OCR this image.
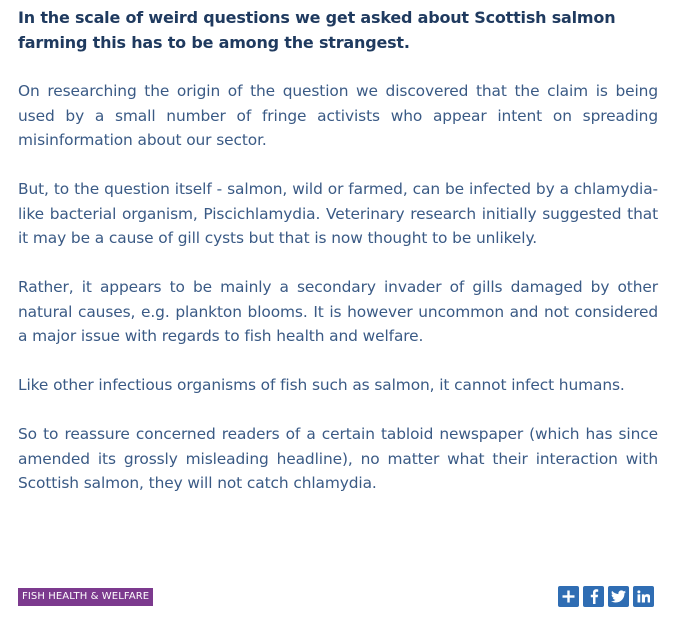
In the scale of weird questions we get asked about Scottish salmon farming this has to be among the strangest.

On researching the origin of the question we discovered that the claim is being used by a small number of fringe activists who appear intent on spreading misinformation about our sector.

But, to the question itself - salmon, wild or farmed, can be infected by a chlamydia-like bacterial organism, Piscichlamydia. Veterinary research initially suggested that it may be a cause of gill cysts but that is now thought to be unlikely.

Rather, it appears to be mainly a secondary invader of gills damaged by other natural causes, e.g. plankton blooms. It is however uncommon and not considered a major issue with regards to fish health and welfare.

Like other infectious organisms of fish such as salmon, it cannot infect humans.

So to reassure concerned readers of a certain tabloid newspaper (which has since amended its grossly misleading headline), no matter what their interaction with Scottish salmon, they will not catch chlamydia.

FISH HEALTH & WELFARE
